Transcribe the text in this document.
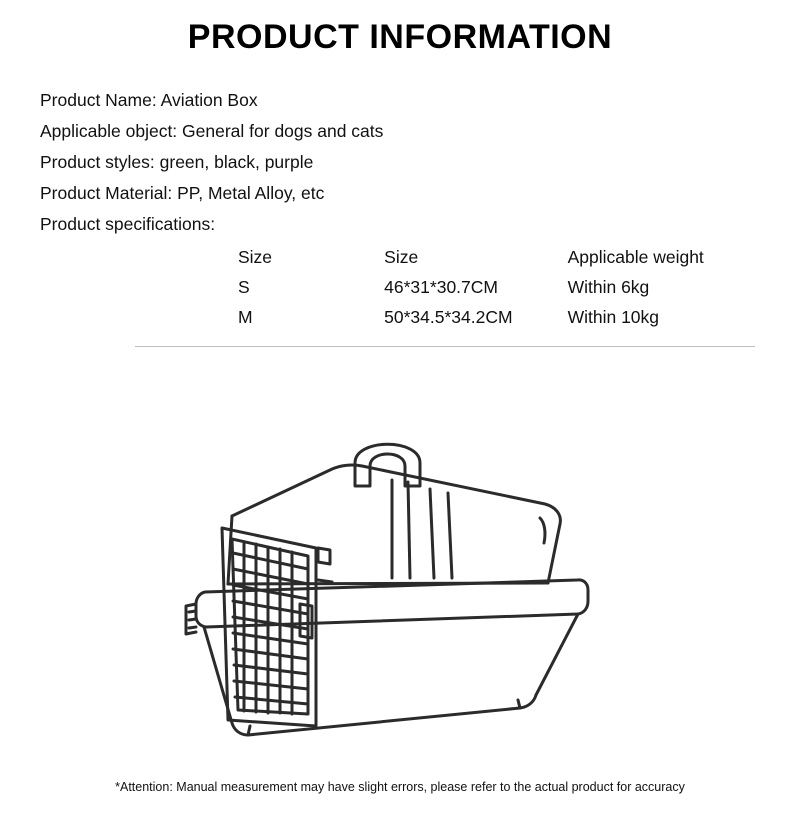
PRODUCT INFORMATION
Product Name: Aviation Box
Applicable object: General for dogs and cats
Product styles: green, black, purple
Product Material: PP, Metal Alloy, etc
Product specifications:
Size	Size	Applicable weight
S	46*31*30.7CM	Within 6kg
M	50*34.5*34.2CM	Within 10kg
*Attention: Manual measurement may have slight errors, please refer to the actual product for accuracy
